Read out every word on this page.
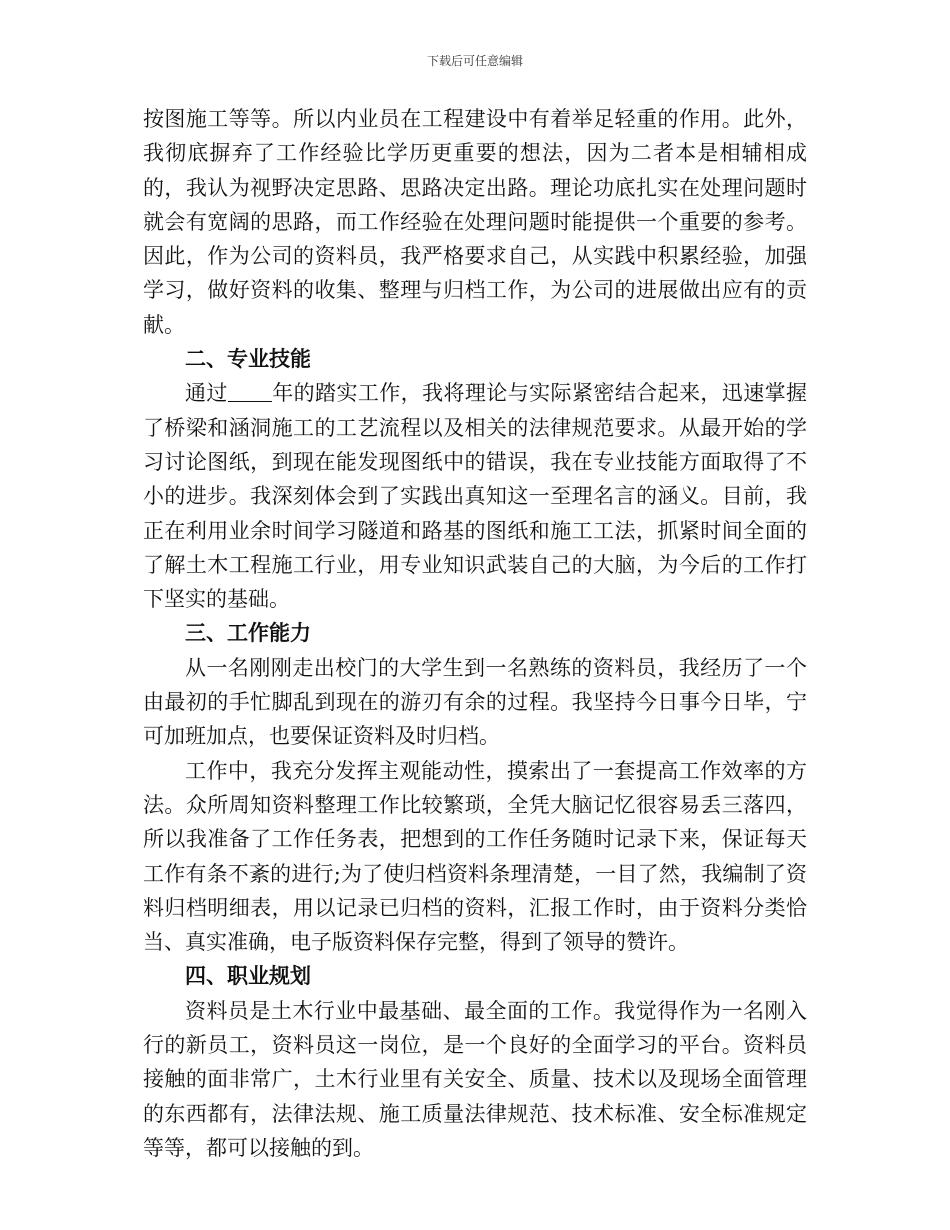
下载后可任意编辑

按图施工等等。所以内业员在工程建设中有着举足轻重的作用。此外，我彻底摒弃了工作经验比学历更重要的想法，因为二者本是相辅相成的，我认为视野决定思路、思路决定出路。理论功底扎实在处理问题时就会有宽阔的思路，而工作经验在处理问题时能提供一个重要的参考。因此，作为公司的资料员，我严格要求自己，从实践中积累经验，加强学习，做好资料的收集、整理与归档工作，为公司的进展做出应有的贡献。

二、专业技能

通过 年的踏实工作，我将理论与实际紧密结合起来，迅速掌握了桥梁和涵洞施工的工艺流程以及相关的法律规范要求。从最开始的学习讨论图纸，到现在能发现图纸中的错误，我在专业技能方面取得了不小的进步。我深刻体会到了实践出真知这一至理名言的涵义。目前，我正在利用业余时间学习隧道和路基的图纸和施工工法，抓紧时间全面的了解土木工程施工行业，用专业知识武装自己的大脑，为今后的工作打下坚实的基础。

三、工作能力

从一名刚刚走出校门的大学生到一名熟练的资料员，我经历了一个由最初的手忙脚乱到现在的游刃有余的过程。我坚持今日事今日毕，宁可加班加点，也要保证资料及时归档。

工作中，我充分发挥主观能动性，摸索出了一套提高工作效率的方法。众所周知资料整理工作比较繁琐，全凭大脑记忆很容易丢三落四，所以我准备了工作任务表，把想到的工作任务随时记录下来，保证每天工作有条不紊的进行;为了使归档资料条理清楚，一目了然，我编制了资料归档明细表，用以记录已归档的资料，汇报工作时，由于资料分类恰当、真实准确，电子版资料保存完整，得到了领导的赞许。

四、职业规划

资料员是土木行业中最基础、最全面的工作。我觉得作为一名刚入行的新员工，资料员这一岗位，是一个良好的全面学习的平台。资料员接触的面非常广，土木行业里有关安全、质量、技术以及现场全面管理的东西都有，法律法规、施工质量法律规范、技术标准、安全标准规定等等，都可以接触的到。
